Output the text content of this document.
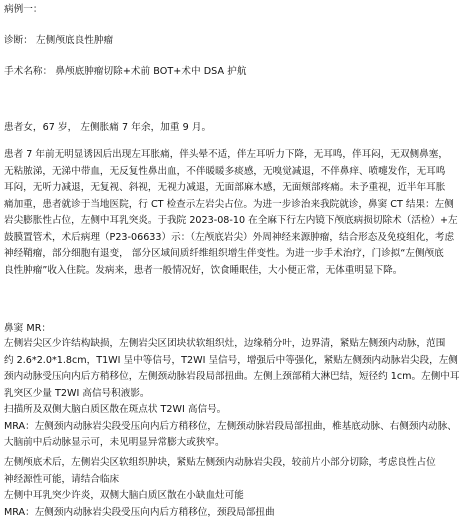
病例一：
诊断： 左侧颅底良性肿瘤
手术名称： 鼻颅底肿瘤切除+术前 BOT+术中 DSA 护航
患者女，67 岁， 左侧胀痛 7 年余，加重 9 月。
患者 7 年前无明显诱因后出现左耳胀痛，伴头晕不适，伴左耳听力下降，无耳鸣，伴耳闷，无双侧鼻塞，
无粘脓涕，无涕中带血，无反复性鼻出血，不伴暖暖多痰感，无嗅觉减退，不伴鼻痒、喷嚏发作，无耳鸣
耳闷，无听力减退，无复视、斜视，无视力减退，无面部麻木感，无面颊部疼痛。未予重视，近半年耳胀
痛加重，患者就诊于当地医院，行 CT 检查示左岩尖占位。为进一步诊治来我院就诊，鼻窦 CT 结果：左侧
岩尖膨胀性占位，左侧中耳乳突炎。于我院 2023-08-10 在全麻下行左内镜下颅底病损切除术（活检）+左
鼓膜置管术，术后病理（P23-06633）示：（左颅底岩尖）外周神经来源肿瘤，结合形态及免疫组化，考虑
神经鞘瘤，部分细胞有退变， 部分区域间质纤维组织增生伴变性。为进一步手术治疗，门诊拟“左侧颅底
良性肿瘤”收入住院。发病来，患者一般情况好，饮食睡眠佳，大小便正常，无体重明显下降。
鼻窦 MR：
左侧岩尖区少许结构缺损，左侧岩尖区团块状软组织灶，边缘稍分叶，边界清，紧贴左侧颈内动脉，范围
约 2.6*2.0*1.8cm，T1WI 呈中等信号，T2WI 呈信号，增强后中等强化，紧贴左侧颈内动脉岩尖段，左侧
颈内动脉受压向内后方稍移位，左侧颈动脉岩段局部扭曲。左侧上颈部稍大淋巴结，短径约 1cm。左侧中耳
乳突区少量 T2WI 高信号积液影。
扫描所及双侧大脑白质区散在斑点状 T2WI 高信号。
MRA：左侧颈内动脉岩尖段受压向内后方稍移位，左侧颈动脉岩段局部扭曲，椎基底动脉、右侧颈内动脉、
大脑前中后动脉显示可，未见明显异常膨大或狭窄。
左侧颅底术后，左侧岩尖区软组织肿块，紧贴左侧颈内动脉岩尖段，较前片小部分切除，考虑良性占位
神经源性可能，请结合临床
左侧中耳乳突少许炎，双侧大脑白质区散在小缺血灶可能
MRA：左侧颈内动脉岩尖段受压向内后方稍移位，颈段局部扭曲
